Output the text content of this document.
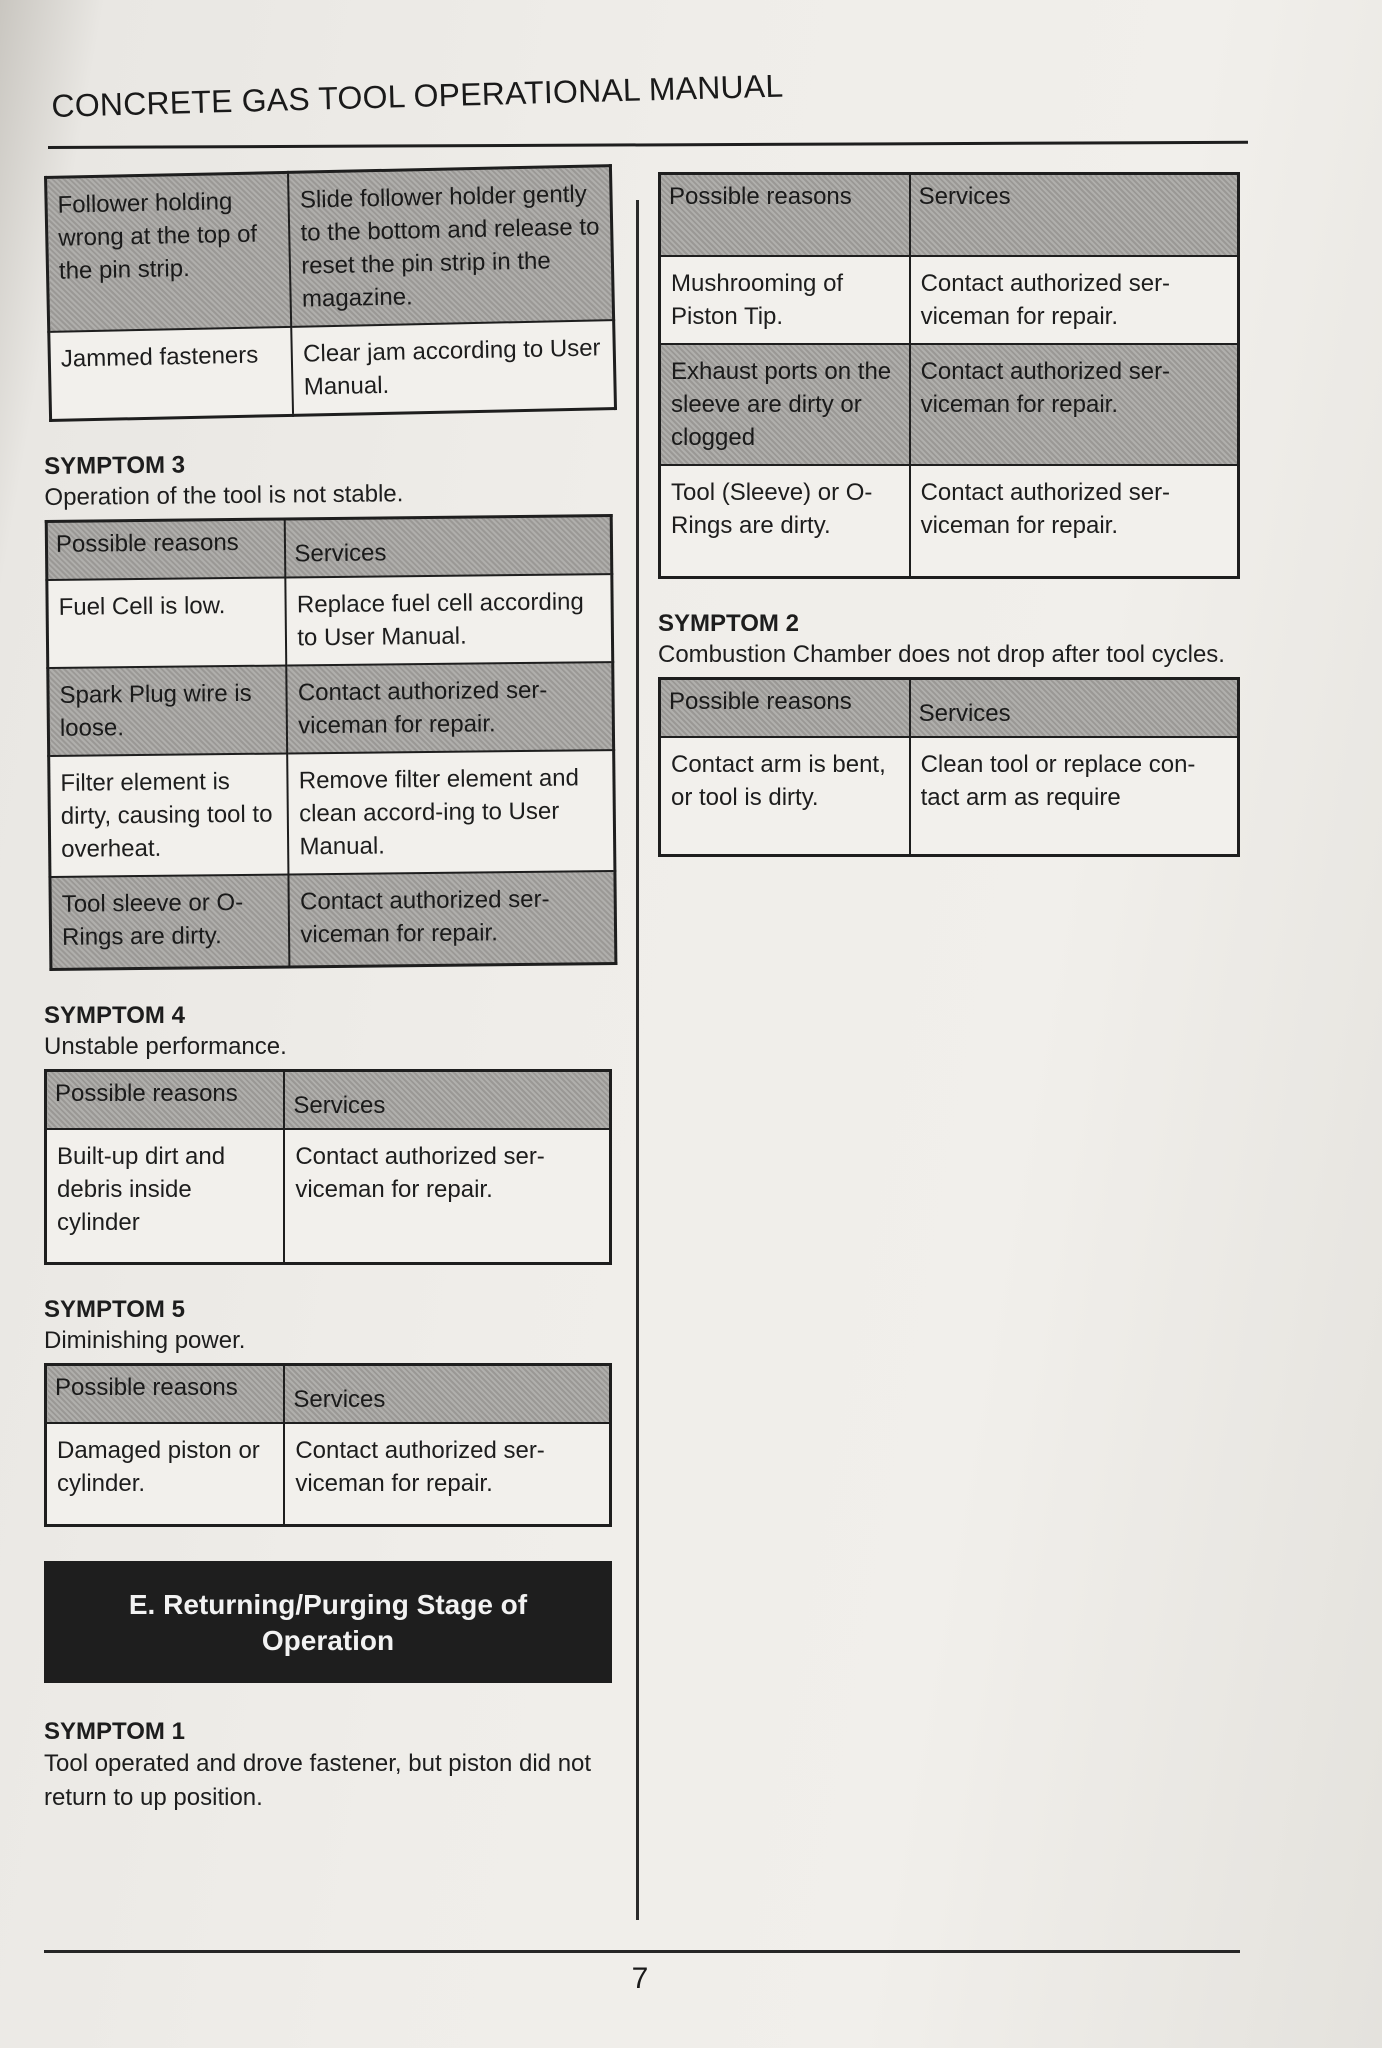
CONCRETE GAS TOOL OPERATIONAL MANUAL
Follower holding wrong at the top of the pin strip.	Slide follower holder gently to the bottom and release to reset the pin strip in the magazine.
Jammed fasteners	Clear jam according to User Manual.
SYMPTOM 3
Operation of the tool is not stable.
Possible reasons	Services
Fuel Cell is low.	Replace fuel cell according to User Manual.
Spark Plug wire is loose.	Contact authorized ser-viceman for repair.
Filter element is dirty, causing tool to overheat.	Remove filter element and clean accord-ing to User Manual.
Tool sleeve or O-Rings are dirty.	Contact authorized ser-viceman for repair.
SYMPTOM 4
Unstable performance.
Possible reasons	Services
Built-up dirt and debris inside cylinder	Contact authorized ser-viceman for repair.
SYMPTOM 5
Diminishing power.
Possible reasons	Services
Damaged piston or cylinder.	Contact authorized ser-viceman for repair.
E. Returning/Purging Stage of
Operation
SYMPTOM 1
Tool operated and drove fastener, but piston did not return to up position.
Possible reasons	Services
Mushrooming of Piston Tip.	Contact authorized ser-viceman for repair.
Exhaust ports on the sleeve are dirty or clogged	Contact authorized ser-viceman for repair.
Tool (Sleeve) or O-Rings are dirty.	Contact authorized ser-viceman for repair.
SYMPTOM 2
Combustion Chamber does not drop after tool cycles.
Possible reasons	Services
Contact arm is bent, or tool is dirty.	Clean tool or replace con-tact arm as require
7
